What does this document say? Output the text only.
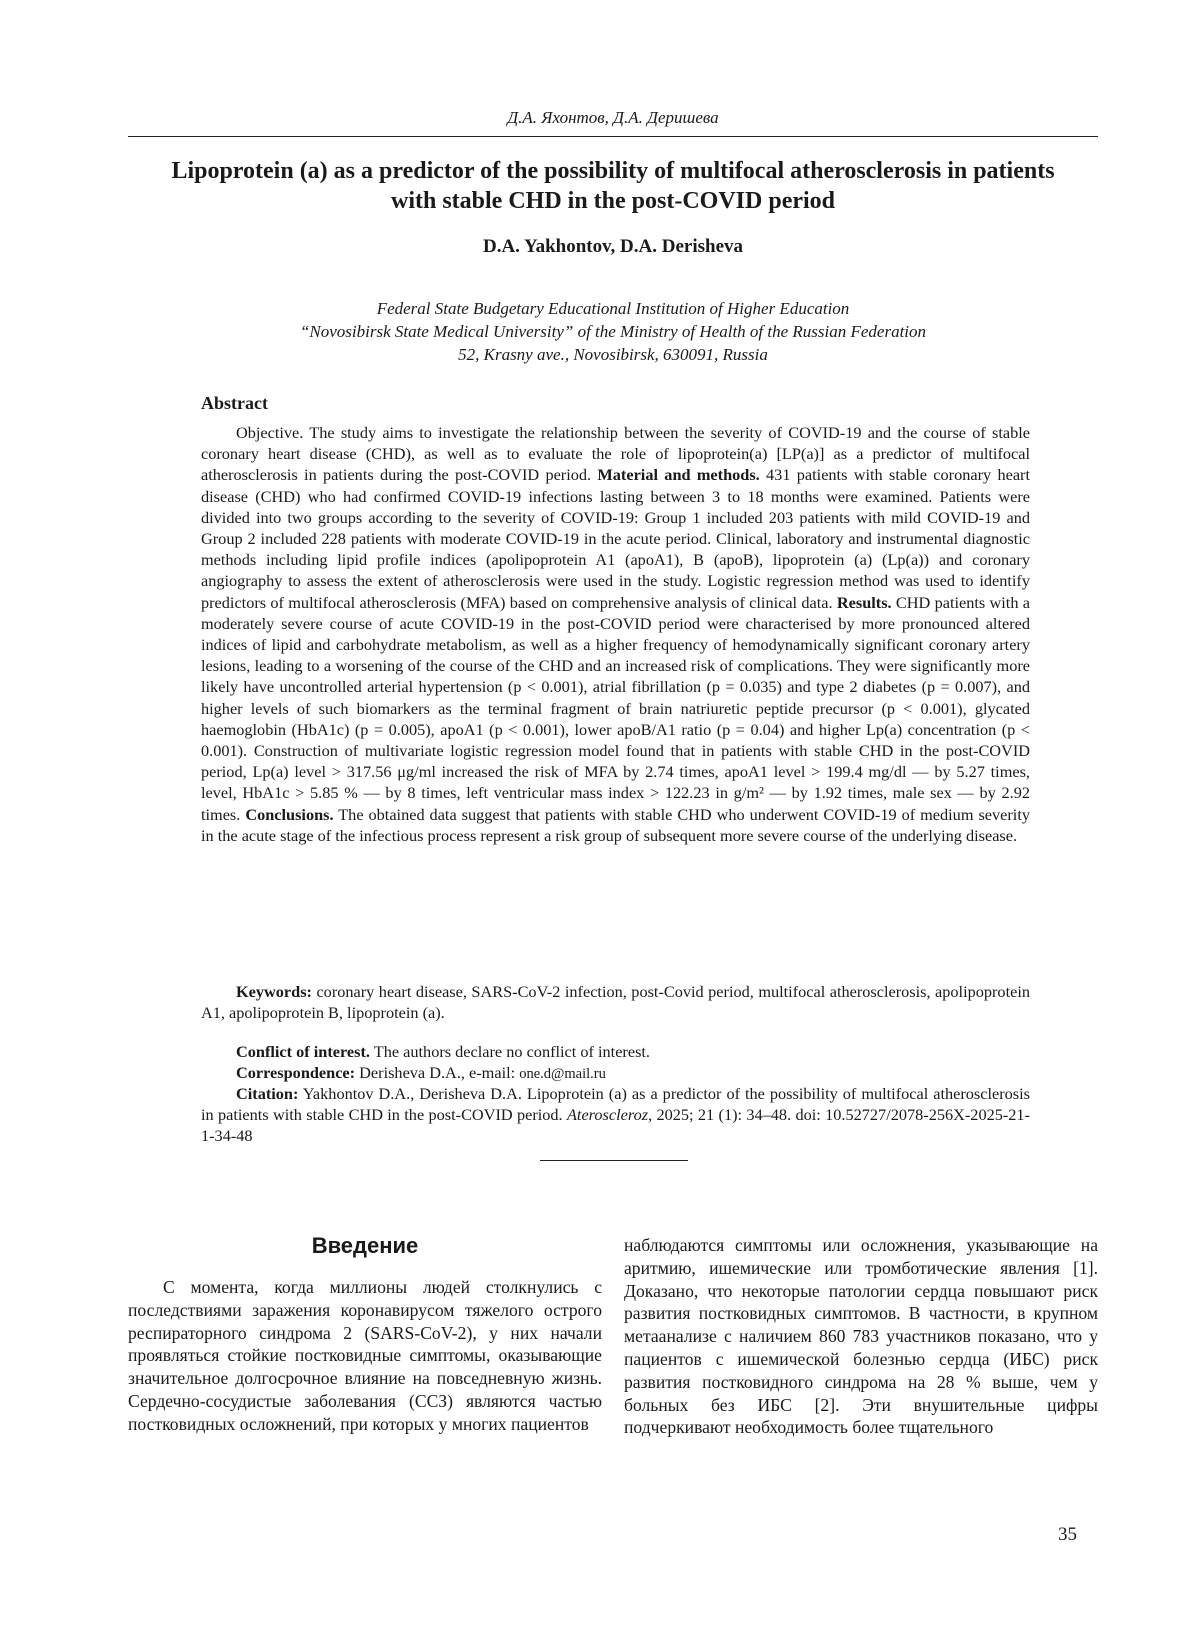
Д.А. Яхонтов, Д.А. Деришева
Lipoprotein (a) as a predictor of the possibility of multifocal atherosclerosis in patients with stable CHD in the post-COVID period
D.A. Yakhontov, D.A. Derisheva
Federal State Budgetary Educational Institution of Higher Education
“Novosibirsk State Medical University” of the Ministry of Health of the Russian Federation
52, Krasny ave., Novosibirsk, 630091, Russia
Abstract
Objective. The study aims to investigate the relationship between the severity of COVID-19 and the course of stable coronary heart disease (CHD), as well as to evaluate the role of lipoprotein(a) [LP(a)] as a predictor of multifocal atherosclerosis in patients during the post-COVID period. Material and methods. 431 patients with stable coronary heart disease (CHD) who had confirmed COVID-19 infections lasting between 3 to 18 months were examined. Patients were divided into two groups according to the severity of COVID-19: Group 1 included 203 patients with mild COVID-19 and Group 2 included 228 patients with moderate COVID-19 in the acute period. Clinical, laboratory and instrumental diagnostic methods including lipid profile indices (apolipoprotein A1 (apoA1), B (apoB), lipoprotein (a) (Lp(a)) and coronary angiography to assess the extent of atherosclerosis were used in the study. Logistic regression method was used to identify predictors of multifocal atherosclerosis (MFA) based on comprehensive analysis of clinical data. Results. CHD patients with a moderately severe course of acute COVID-19 in the post-COVID period were characterised by more pronounced altered indices of lipid and carbohydrate metabolism, as well as a higher frequency of hemodynamically significant coronary artery lesions, leading to a worsening of the course of the CHD and an increased risk of complications. They were significantly more likely have uncontrolled arterial hypertension (p < 0.001), atrial fibrillation (p = 0.035) and type 2 diabetes (p = 0.007), and higher levels of such biomarkers as the terminal fragment of brain natriuretic peptide precursor (p < 0.001), glycated haemoglobin (HbA1c) (p = 0.005), apoA1 (p < 0.001), lower apoB/A1 ratio (p = 0.04) and higher Lp(a) concentration (p < 0.001). Construction of multivariate logistic regression model found that in patients with stable CHD in the post-COVID period, Lp(a) level > 317.56 μg/ml increased the risk of MFA by 2.74 times, apoA1 level > 199.4 mg/dl — by 5.27 times, level, HbA1c > 5.85 % — by 8 times, left ventricular mass index > 122.23 in g/m² — by 1.92 times, male sex — by 2.92 times. Conclusions. The obtained data suggest that patients with stable CHD who underwent COVID-19 of medium severity in the acute stage of the infectious process represent a risk group of subsequent more severe course of the underlying disease.
Keywords: coronary heart disease, SARS-CoV-2 infection, post-Covid period, multifocal atherosclerosis, apolipoprotein A1, apolipoprotein B, lipoprotein (a).
Conflict of interest. The authors declare no conflict of interest.
Correspondence: Derisheva D.A., e-mail: one.d@mail.ru
Citation: Yakhontov D.A., Derisheva D.A. Lipoprotein (a) as a predictor of the possibility of multifocal atherosclerosis in patients with stable CHD in the post-COVID period. Ateroscleroz, 2025; 21 (1): 34–48. doi: 10.52727/2078-256X-2025-21-1-34-48
Введение

С момента, когда миллионы людей столкнулись с последствиями заражения коронавирусом тяжелого острого респираторного синдрома 2 (SARS-CoV-2), у них начали проявляться стойкие постковидные симптомы, оказывающие значительное долгосрочное влияние на повседневную жизнь. Сердечно-сосудистые заболевания (ССЗ) являются частью постковидных осложнений, при которых у многих пациентов

наблюдаются симптомы или осложнения, указывающие на аритмию, ишемические или тромботические явления [1]. Доказано, что некоторые патологии сердца повышают риск развития постковидных симптомов. В частности, в крупном метаанализе с наличием 860 783 участников показано, что у пациентов с ишемической болезнью сердца (ИБС) риск развития постковидного синдрома на 28 % выше, чем у больных без ИБС [2]. Эти внушительные цифры подчеркивают необходимость более тщательного

35
